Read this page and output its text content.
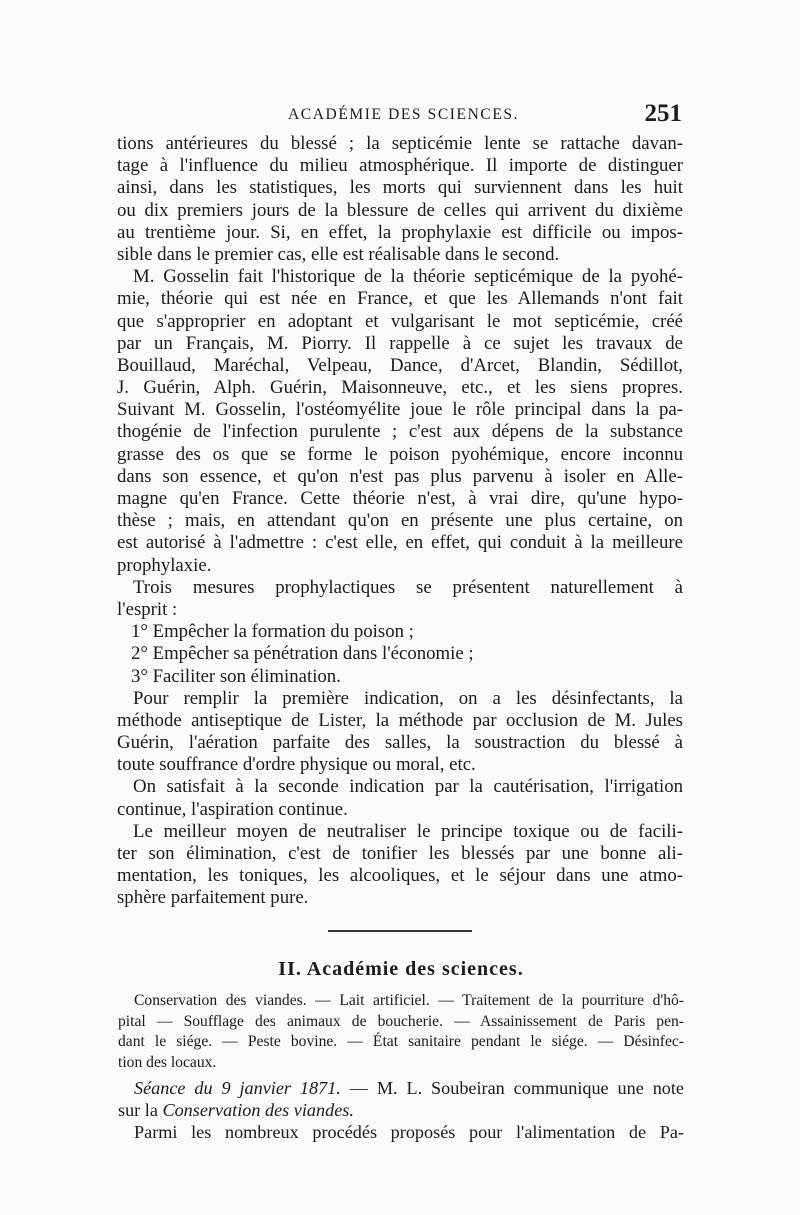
ACADÉMIE DES SCIENCES.	251
tions antérieures du blessé ; la septicémie lente se rattache davan-
tage à l'influence du milieu atmosphérique. Il importe de distinguer
ainsi, dans les statistiques, les morts qui surviennent dans les huit
ou dix premiers jours de la blessure de celles qui arrivent du dixième
au trentième jour. Si, en effet, la prophylaxie est difficile ou impos-
sible dans le premier cas, elle est réalisable dans le second.
M. Gosselin fait l'historique de la théorie septicémique de la pyohé-
mie, théorie qui est née en France, et que les Allemands n'ont fait
que s'approprier en adoptant et vulgarisant le mot septicémie, créé
par un Français, M. Piorry. Il rappelle à ce sujet les travaux de
Bouillaud, Maréchal, Velpeau, Dance, d'Arcet, Blandin, Sédillot,
J. Guérin, Alph. Guérin, Maisonneuve, etc., et les siens propres.
Suivant M. Gosselin, l'ostéomyélite joue le rôle principal dans la pa-
thogénie de l'infection purulente ; c'est aux dépens de la substance
grasse des os que se forme le poison pyohémique, encore inconnu
dans son essence, et qu'on n'est pas plus parvenu à isoler en Alle-
magne qu'en France. Cette théorie n'est, à vrai dire, qu'une hypo-
thèse ; mais, en attendant qu'on en présente une plus certaine, on
est autorisé à l'admettre : c'est elle, en effet, qui conduit à la meilleure
prophylaxie.
Trois mesures prophylactiques se présentent naturellement à
l'esprit :
1° Empêcher la formation du poison ;
2° Empêcher sa pénétration dans l'économie ;
3° Faciliter son élimination.
Pour remplir la première indication, on a les désinfectants, la
méthode antiseptique de Lister, la méthode par occlusion de M. Jules
Guérin, l'aération parfaite des salles, la soustraction du blessé à
toute souffrance d'ordre physique ou moral, etc.
On satisfait à la seconde indication par la cautérisation, l'irrigation
continue, l'aspiration continue.
Le meilleur moyen de neutraliser le principe toxique ou de facili-
ter son élimination, c'est de tonifier les blessés par une bonne ali-
mentation, les toniques, les alcooliques, et le séjour dans une atmo-
sphère parfaitement pure.
II. Académie des sciences.
Conservation des viandes. — Lait artificiel. — Traitement de la pourriture d'hô-
pital — Soufflage des animaux de boucherie. — Assainissement de Paris pen-
dant le siége. — Peste bovine. — État sanitaire pendant le siége. — Désinfec-
tion des locaux.
Séance du 9 janvier 1871. — M. L. Soubeiran communique une note
sur la Conservation des viandes.
Parmi les nombreux procédés proposés pour l'alimentation de Pa-
